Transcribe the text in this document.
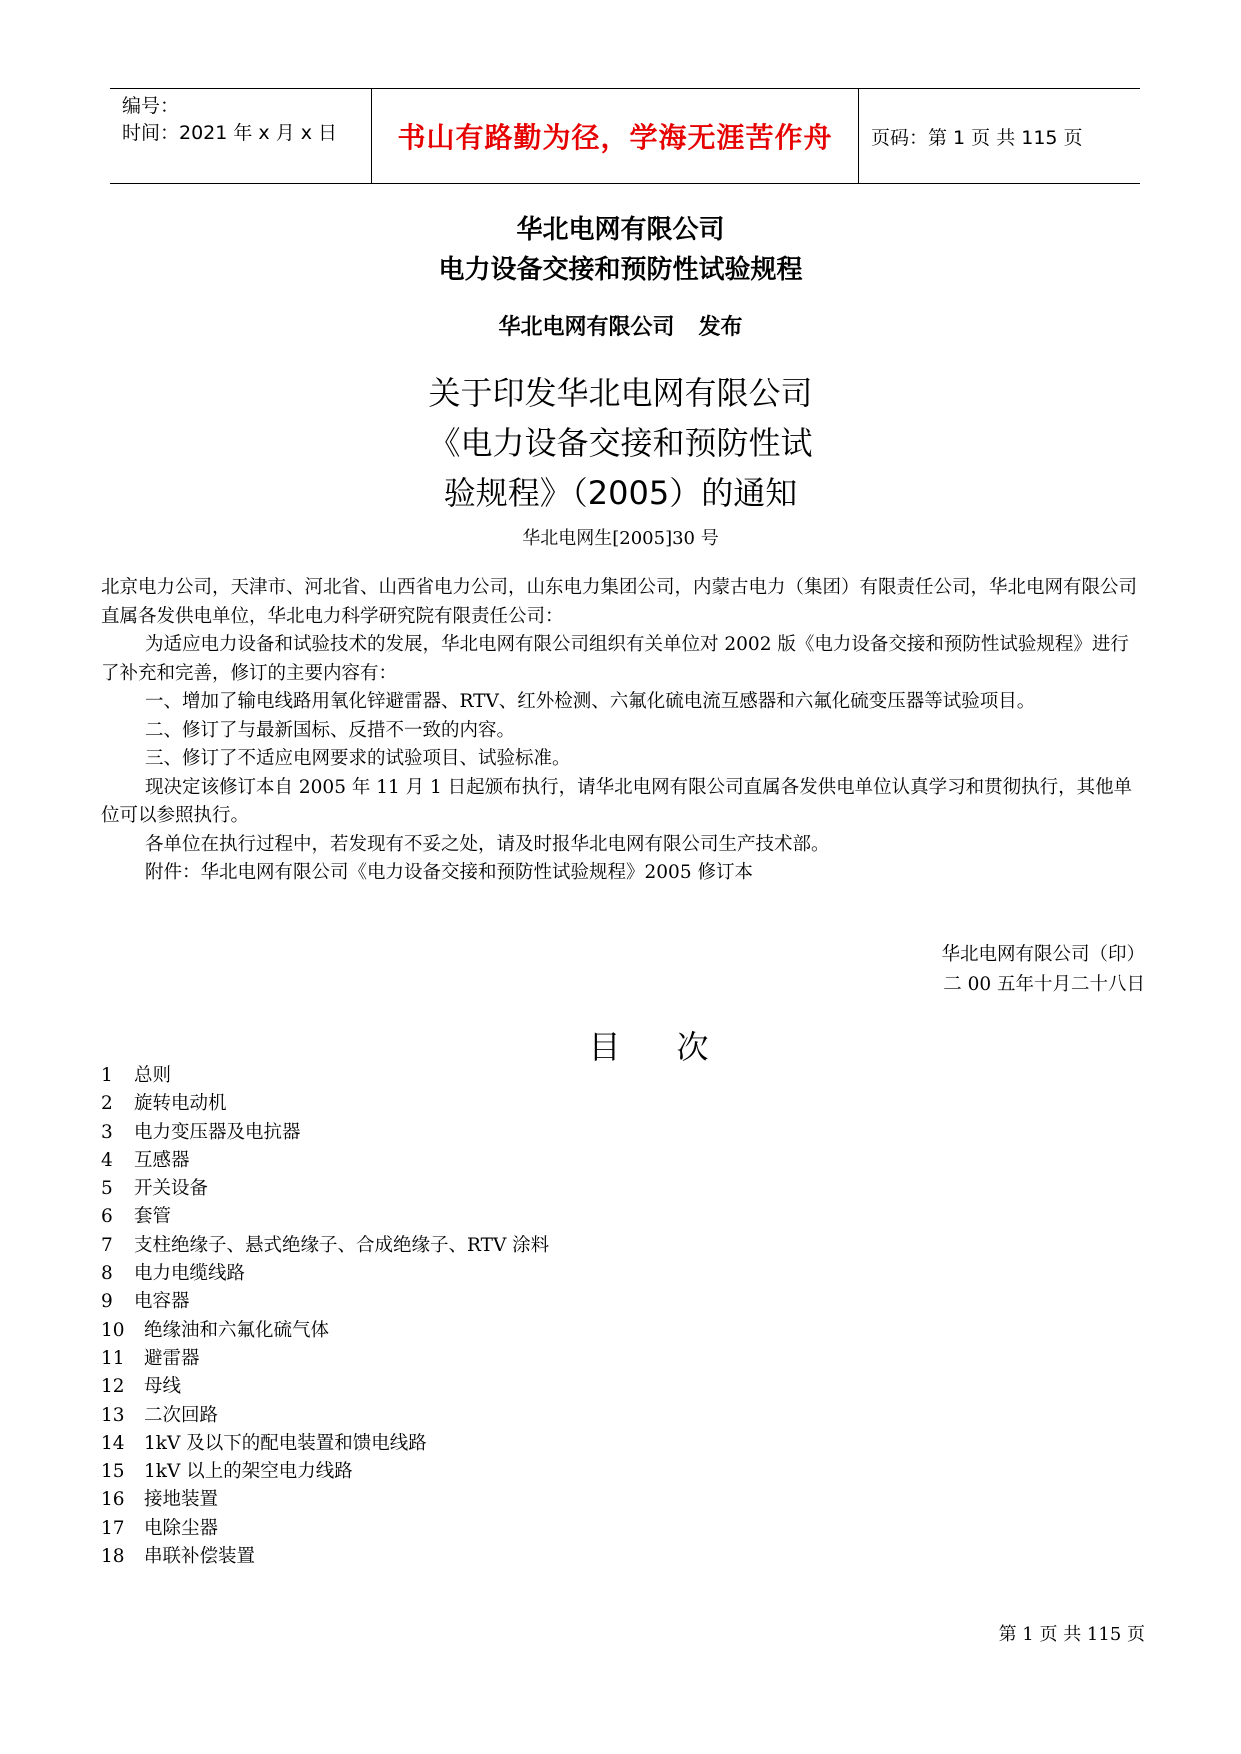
编号：
时间：2021 年 x 月 x 日	书山有路勤为径，学海无涯苦作舟	页码：第 1 页 共 115 页
华北电网有限公司
电力设备交接和预防性试验规程
华北电网有限公司 发布
关于印发华北电网有限公司
《电力设备交接和预防性试
验规程》（2005）的通知
华北电网生[2005]30 号

北京电力公司，天津市、河北省、山西省电力公司，山东电力集团公司，内蒙古电力（集团）有限责任公司，华北电网有限公司直属各发供电单位，华北电力科学研究院有限责任公司：

为适应电力设备和试验技术的发展，华北电网有限公司组织有关单位对 2002 版《电力设备交接和预防性试验规程》进行了补充和完善，修订的主要内容有：

一、增加了输电线路用氧化锌避雷器、RTV、红外检测、六氟化硫电流互感器和六氟化硫变压器等试验项目。

二、修订了与最新国标、反措不一致的内容。

三、修订了不适应电网要求的试验项目、试验标准。

现决定该修订本自 2005 年 11 月 1 日起颁布执行，请华北电网有限公司直属各发供电单位认真学习和贯彻执行，其他单位可以参照执行。

各单位在执行过程中，若发现有不妥之处，请及时报华北电网有限公司生产技术部。

附件：华北电网有限公司《电力设备交接和预防性试验规程》2005 修订本

华北电网有限公司（印）
二 00 五年十月二十八日
目次
1	总则
2	旋转电动机
3	电力变压器及电抗器
4	互感器
5	开关设备
6	套管
7	支柱绝缘子、悬式绝缘子、合成绝缘子、RTV 涂料
8	电力电缆线路
9	电容器
10	绝缘油和六氟化硫气体
11	避雷器
12	母线
13	二次回路
14	1kV 及以下的配电装置和馈电线路
15	1kV 以上的架空电力线路
16	接地装置
17	电除尘器
18	串联补偿装置
第 1 页 共 115 页
